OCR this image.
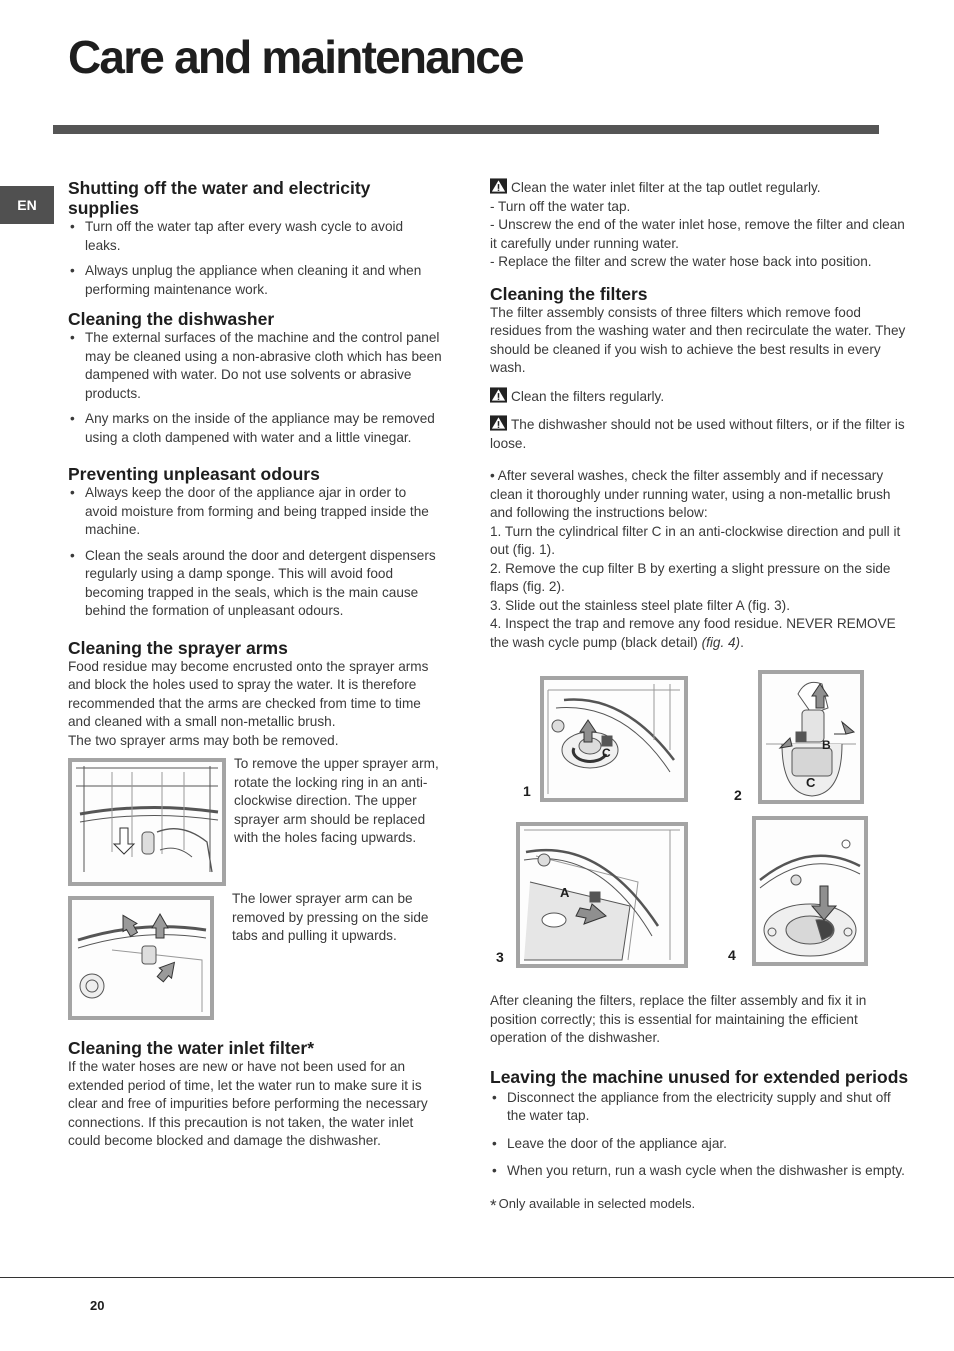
Care and maintenance
EN
Shutting off the water and electricity supplies
• Turn off the water tap after every wash cycle to avoid leaks.
• Always unplug the appliance when cleaning it and when performing maintenance work.
Cleaning the dishwasher
• The external surfaces of the machine and the control panel may be cleaned using a non-abrasive cloth which has been dampened with water. Do not use solvents or abrasive products.
• Any marks on the inside of the appliance may be removed using a cloth dampened with water and a little vinegar.
Preventing unpleasant odours
• Always keep the door of the appliance ajar in order to avoid moisture from forming and being trapped inside the machine.
• Clean the seals around the door and detergent dispensers regularly using a damp sponge. This will avoid food becoming trapped in the seals, which is the main cause behind the formation of unpleasant odours.
Cleaning the sprayer arms

Food residue may become encrusted onto the sprayer arms and block the holes used to spray the water. It is therefore recommended that the arms are checked from time to time and cleaned with a small non-metallic brush.

The two sprayer arms may both be removed.

To remove the upper sprayer arm, rotate the locking ring in an anti-clockwise direction. The upper sprayer arm should be replaced with the holes facing upwards.

The lower sprayer arm can be removed by pressing on the side tabs and pulling it upwards.

Cleaning the water inlet filter*

If the water hoses are new or have not been used for an extended period of time, let the water run to make sure it is clear and free of impurities before performing the necessary connections. If this precaution is not taken, the water inlet could become blocked and damage the dishwasher.

Clean the water inlet filter at the tap outlet regularly.

- Turn off the water tap.

- Unscrew the end of the water inlet hose, remove the filter and clean it carefully under running water.

- Replace the filter and screw the water hose back into position.

Cleaning the filters

The filter assembly consists of three filters which remove food residues from the washing water and then recirculate the water. They should be cleaned if you wish to achieve the best results in every wash.

Clean the filters regularly.

The dishwasher should not be used without filters, or if the filter is loose.

• After several washes, check the filter assembly and if necessary clean it thoroughly under running water, using a non-metallic brush and following the instructions below:

1. Turn the cylindrical filter C in an anti-clockwise direction and pull it out (fig. 1).

2. Remove the cup filter B by exerting a slight pressure on the side flaps (fig. 2).

3. Slide out the stainless steel plate filter A (fig. 3).

4. Inspect the trap and remove any food residue. NEVER REMOVE the wash cycle pump (black detail) (fig. 4).

C
1
B
C
2
A
3	4

After cleaning the filters, replace the filter assembly and fix it in position correctly; this is essential for maintaining the efficient operation of the dishwasher.

Leaving the machine unused for extended periods
• Disconnect the appliance from the electricity supply and shut off the water tap.
• Leave the door of the appliance ajar.
• When you return, run a wash cycle when the dishwasher is empty.

* Only available in selected models.

20
